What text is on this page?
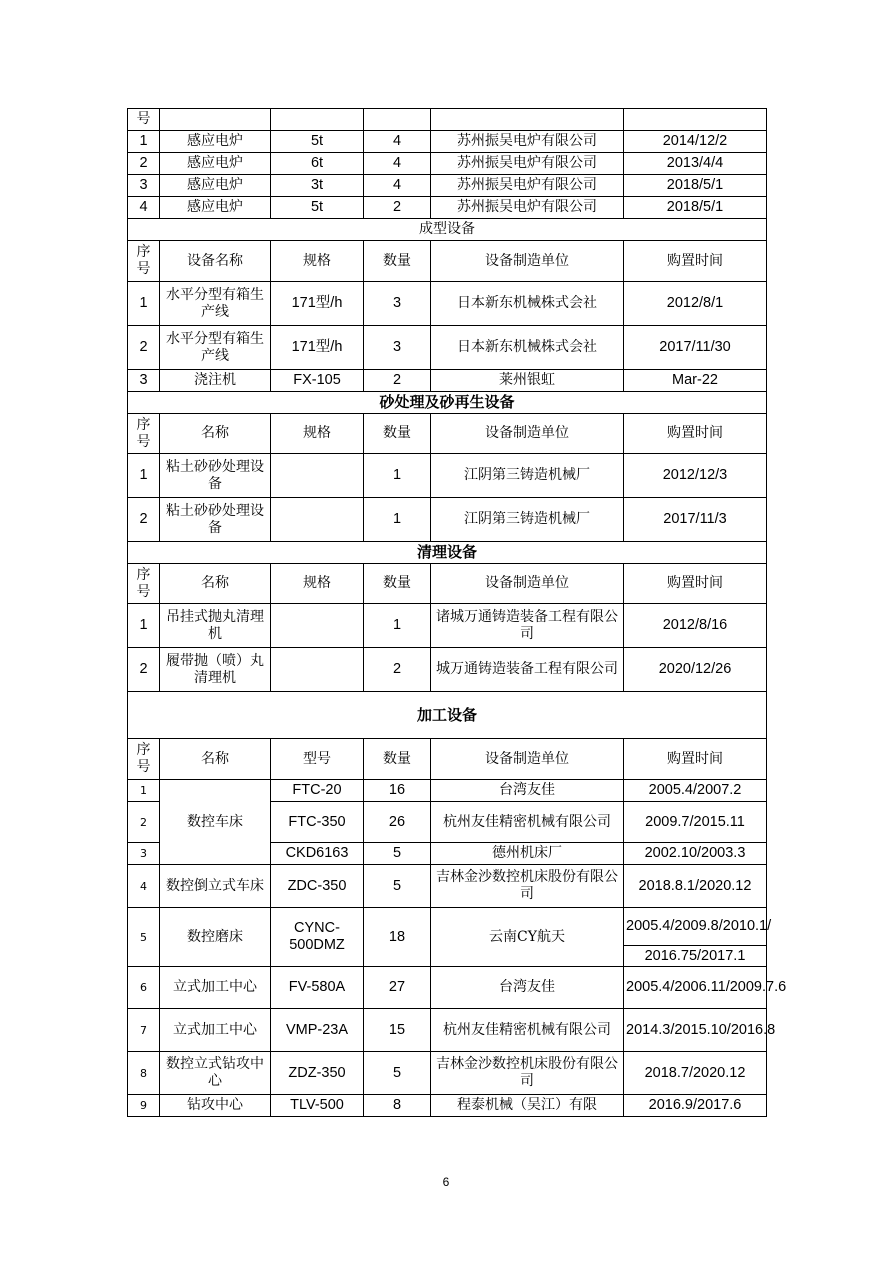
号					
1	感应电炉	5t	4	苏州振吴电炉有限公司	2014/12/2
2	感应电炉	6t	4	苏州振吴电炉有限公司	2013/4/4
3	感应电炉	3t	4	苏州振吴电炉有限公司	2018/5/1
4	感应电炉	5t	2	苏州振吴电炉有限公司	2018/5/1
成型设备					
序号	设备名称	规格	数量	设备制造单位	购置时间
1	水平分型有箱生产线	171型/h	3	日本新东机械株式会社	2012/8/1
2	水平分型有箱生产线	171型/h	3	日本新东机械株式会社	2017/11/30
3	浇注机	FX-105	2	莱州银虹	Mar-22
砂处理及砂再生设备					
序号	名称	规格	数量	设备制造单位	购置时间
1	粘土砂砂处理设备		1	江阴第三铸造机械厂	2012/12/3
2	粘土砂砂处理设备		1	江阴第三铸造机械厂	2017/11/3
清理设备					
序号	名称	规格	数量	设备制造单位	购置时间
1	吊挂式抛丸清理机		1	诸城万通铸造装备工程有限公司	2012/8/16
2	履带抛（喷）丸清理机		2	城万通铸造装备工程有限公司	2020/12/26
加工设备					
序号	名称	型号	数量	设备制造单位	购置时间
1	数控车床	FTC-20	16	台湾友佳	2005.4/2007.2
2		FTC-350	26	杭州友佳精密机械有限公司	2009.7/2015.11
3		CKD6163	5	德州机床厂	2002.10/2003.3
4	数控倒立式车床	ZDC-350	5	吉林金沙数控机床股份有限公司	2018.8.1/2020.12
5	数控磨床	CYNC-500DMZ	18	云南CY航天	2005.4/2009.8/2010.1/
					2016.75/2017.1
6	立式加工中心	FV-580A	27	台湾友佳	2005.4/2006.11/2009.7.6
7	立式加工中心	VMP-23A	15	杭州友佳精密机械有限公司	2014.3/2015.10/2016.8
8	数控立式钻攻中心	ZDZ-350	5	吉林金沙数控机床股份有限公司	2018.7/2020.12
9	钻攻中心	TLV-500	8	程泰机械（吴江）有限	2016.9/2017.6
6
